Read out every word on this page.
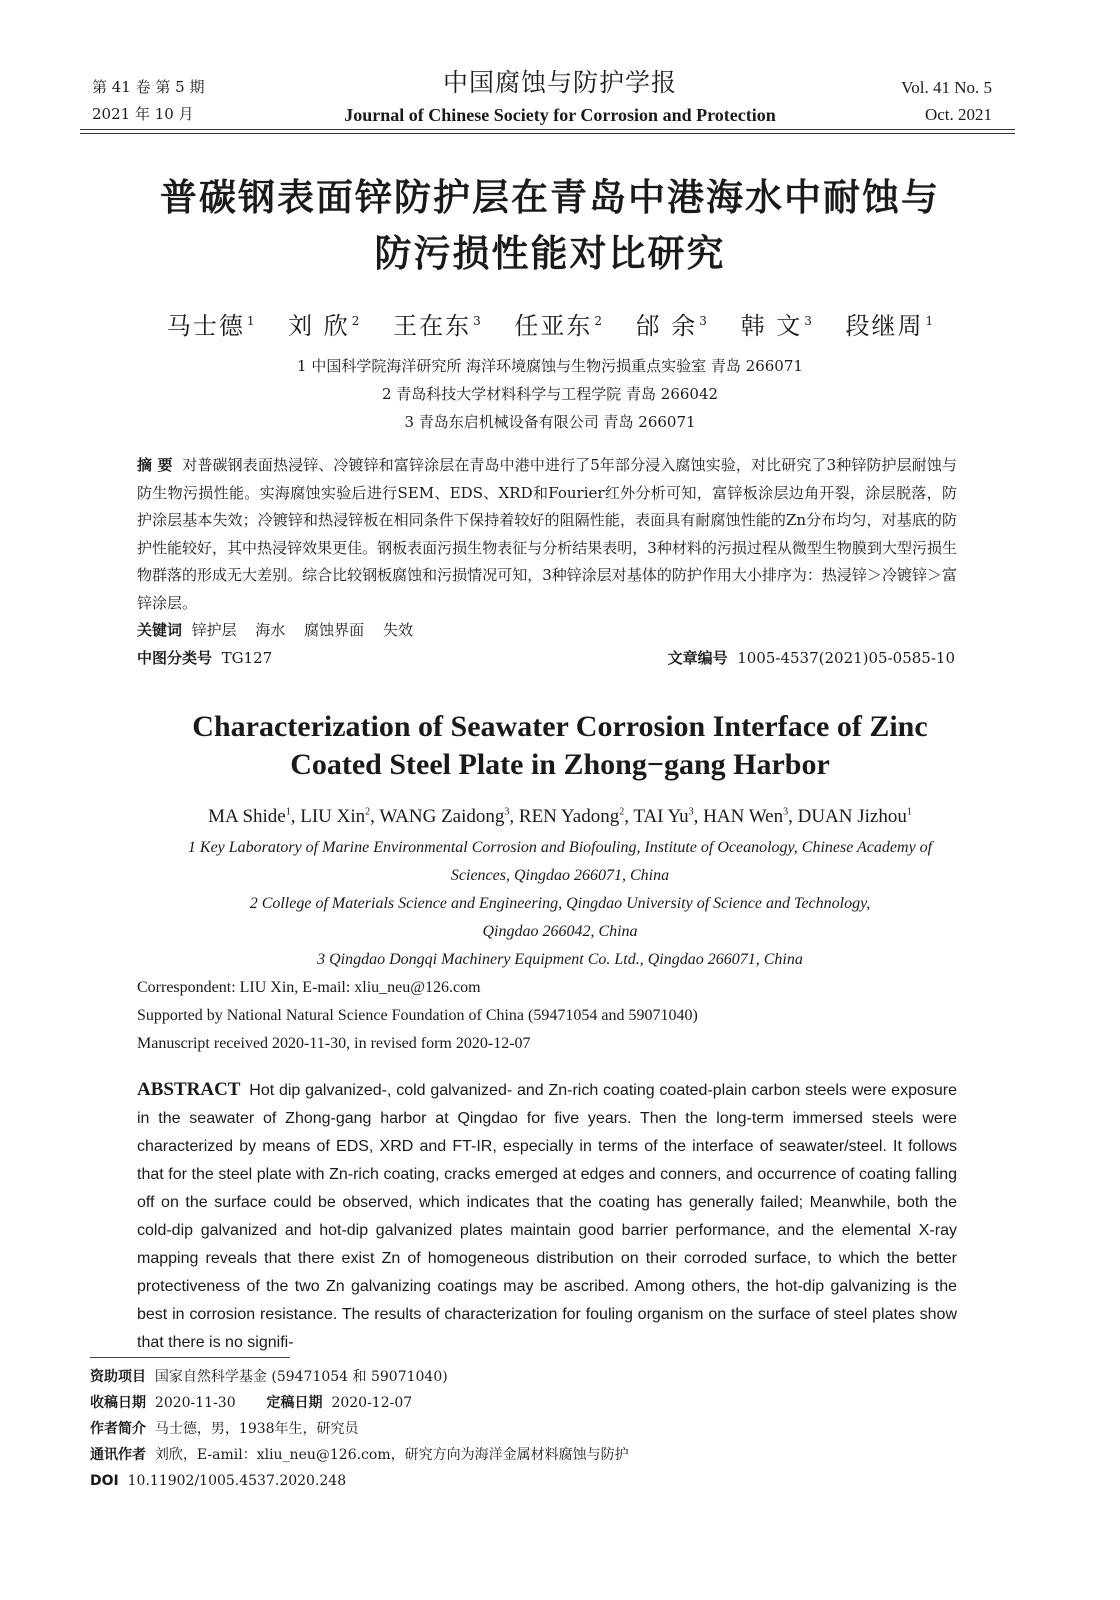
第 41 卷 第 5 期
2021 年 10 月
中国腐蚀与防护学报
Journal of Chinese Society for Corrosion and Protection
Vol. 41 No. 5
Oct. 2021
普碳钢表面锌防护层在青岛中港海水中耐蚀与
防污损性能对比研究
马士德 $^1$ 刘 欣 $^2$ 王在东 $^3$ 任亚东 $^2$ 邰 余 $^3$ 韩 文 $^3$ 段继周 $^1$
1 中国科学院海洋研究所 海洋环境腐蚀与生物污损重点实验室 青岛 266071
2 青岛科技大学材料科学与工程学院 青岛 266042
3 青岛东启机械设备有限公司 青岛 266071
摘 要 对普碳钢表面热浸锌、冷镀锌和富锌涂层在青岛中港中进行了5年部分浸入腐蚀实验，对比研究了3种锌防护层耐蚀与防生物污损性能。实海腐蚀实验后进行SEM、EDS、XRD和Fourier红外分析可知，富锌板涂层边角开裂，涂层脱落，防护涂层基本失效；冷镀锌和热浸锌板在相同条件下保持着较好的阻隔性能，表面具有耐腐蚀性能的Zn分布均匀，对基底的防护性能较好，其中热浸锌效果更佳。钢板表面污损生物表征与分析结果表明，3种材料的污损过程从微型生物膜到大型污损生物群落的形成无大差别。综合比较钢板腐蚀和污损情况可知，3种锌涂层对基体的防护作用大小排序为：热浸锌＞冷镀锌＞富锌涂层。
关键词 锌护层 海水 腐蚀界面 失效
中图分类号 TG127	文章编号 1005-4537(2021)05-0585-10
Characterization of Seawater Corrosion Interface of Zinc
Coated Steel Plate in Zhong−gang Harbor
MA Shide$^1$, LIU Xin$^2$, WANG Zaidong$^3$, REN Yadong$^2$, TAI Yu$^3$, HAN Wen$^3$, DUAN Jizhou$^1$
1 Key Laboratory of Marine Environmental Corrosion and Biofouling, Institute of Oceanology, Chinese Academy of
Sciences, Qingdao 266071, China
2 College of Materials Science and Engineering, Qingdao University of Science and Technology,
Qingdao 266042, China
3 Qingdao Dongqi Machinery Equipment Co. Ltd., Qingdao 266071, China
Correspondent: LIU Xin, E-mail: xliu_neu@126.com
Supported by National Natural Science Foundation of China (59471054 and 59071040)
Manuscript received 2020-11-30, in revised form 2020-12-07
ABSTRACT Hot dip galvanized-, cold galvanized- and Zn-rich coating coated-plain carbon steels were exposure in the seawater of Zhong-gang harbor at Qingdao for five years. Then the long-term immersed steels were characterized by means of EDS, XRD and FT-IR, especially in terms of the interface of seawater/steel. It follows that for the steel plate with Zn-rich coating, cracks emerged at edges and conners, and occurrence of coating falling off on the surface could be observed, which indicates that the coating has generally failed; Meanwhile, both the cold-dip galvanized and hot-dip galvanized plates maintain good barrier performance, and the elemental X-ray mapping reveals that there exist Zn of homogeneous distribution on their corroded surface, to which the better protectiveness of the two Zn galvanizing coatings may be ascribed. Among others, the hot-dip galvanizing is the best in corrosion resistance. The results of characterization for fouling organism on the surface of steel plates show that there is no signifi-
资助项目 国家自然科学基金 (59471054 和 59071040)
收稿日期 2020-11-30 定稿日期 2020-12-07
作者简介 马士德，男，1938年生，研究员
通讯作者 刘欣，E-amil：xliu_neu@126.com，研究方向为海洋金属材料腐蚀与防护
DOI 10.11902/1005.4537.2020.248
